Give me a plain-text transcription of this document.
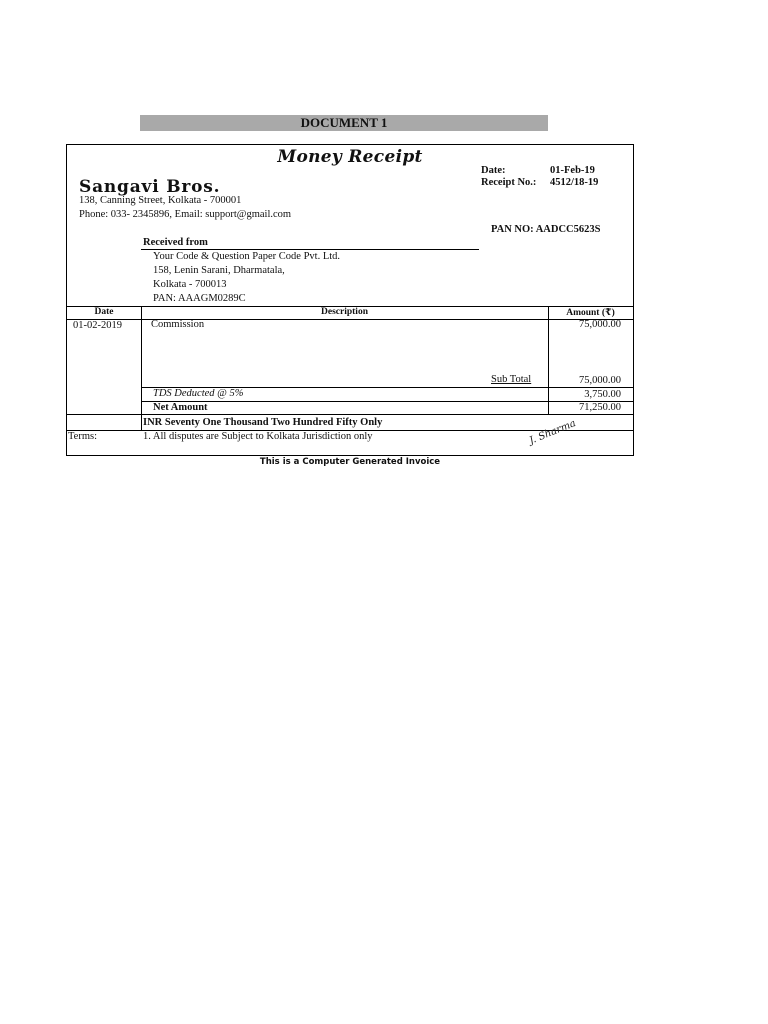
DOCUMENT 1
Money Receipt
Sangavi Bros.
138, Canning Street, Kolkata - 700001
Phone: 033- 2345896, Email: support@gmail.com
Date:	01-Feb-19
Receipt No.: 4512/18-19
PAN NO: AADCC5623S
Received from
Your Code & Question Paper Code Pvt. Ltd.
158, Lenin Sarani, Dharmatala,
Kolkata - 700013
PAN: AAAGM0289C
Date	Description	Amount (₹)
01-02-2019	Commission	75,000.00
Sub Total	75,000.00
TDS Deducted @ 5%	3,750.00
Net Amount	71,250.00
INR Seventy One Thousand Two Hundred Fifty Only
Terms:	1. All disputes are Subject to Kolkata Jurisdiction only	J. Sharma
This is a Computer Generated Invoice
